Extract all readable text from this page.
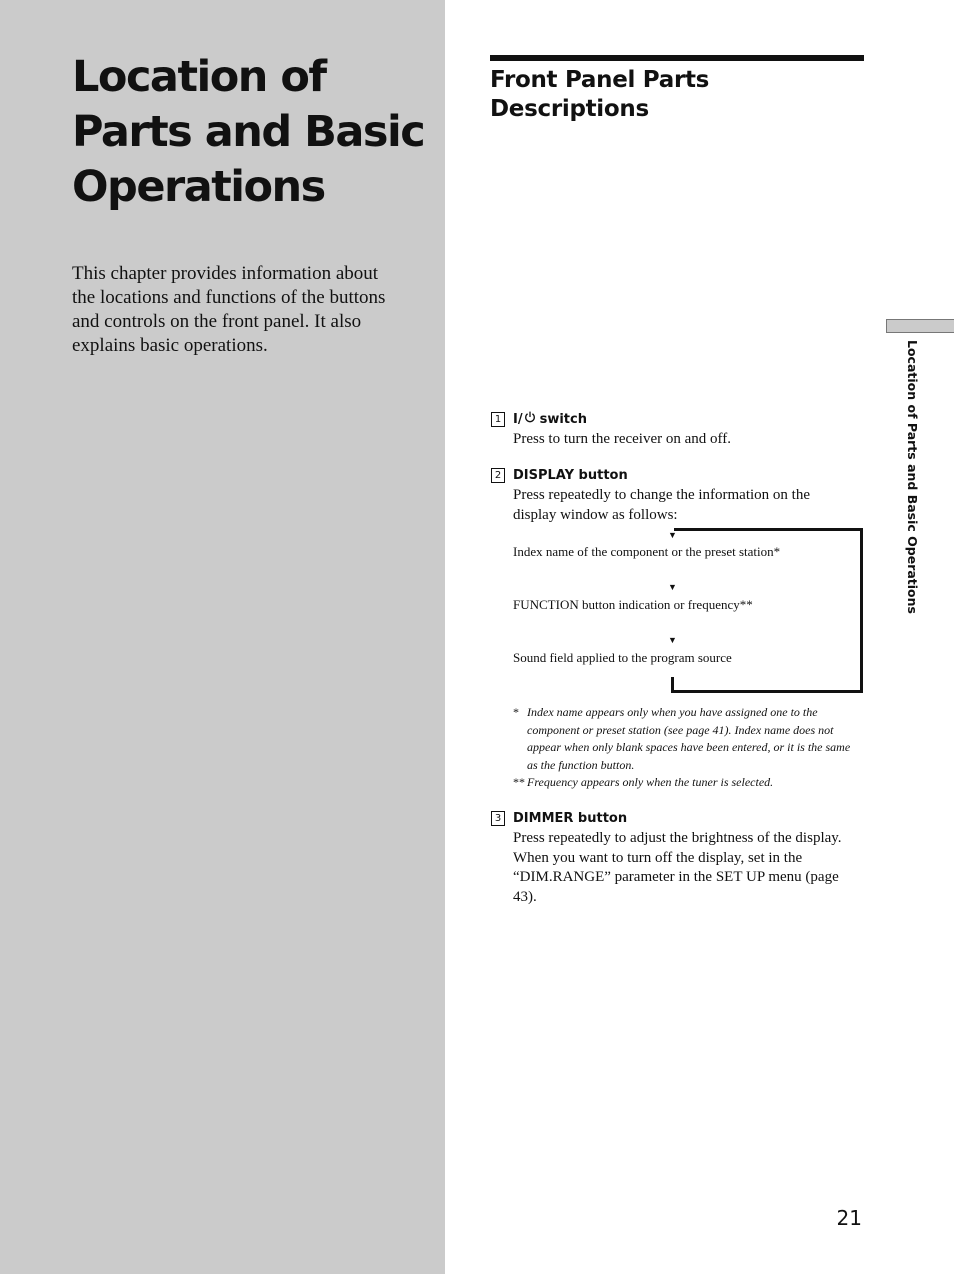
Location of Parts and Basic Operations

This chapter provides information about the locations and functions of the buttons and controls on the front panel. It also explains basic operations.

Front Panel Parts Descriptions
1 I/ switch

Press to turn the receiver on and off.

2 DISPLAY button

Press repeatedly to change the information on the display window as follows:

▼
Index name of the component or the preset station*
▼
FUNCTION button indication or frequency**
▼
Sound field applied to the program source
* Index name appears only when you have assigned one to the component or preset station (see page 41). Index name does not appear when only blank spaces have been entered, or it is the same as the function button.
** Frequency appears only when the tuner is selected.
3 DIMMER button

Press repeatedly to adjust the brightness of the display. When you want to turn off the display, set in the “DIM.RANGE” parameter in the SET UP menu (page 43).

Location of Parts and Basic Operations
21
